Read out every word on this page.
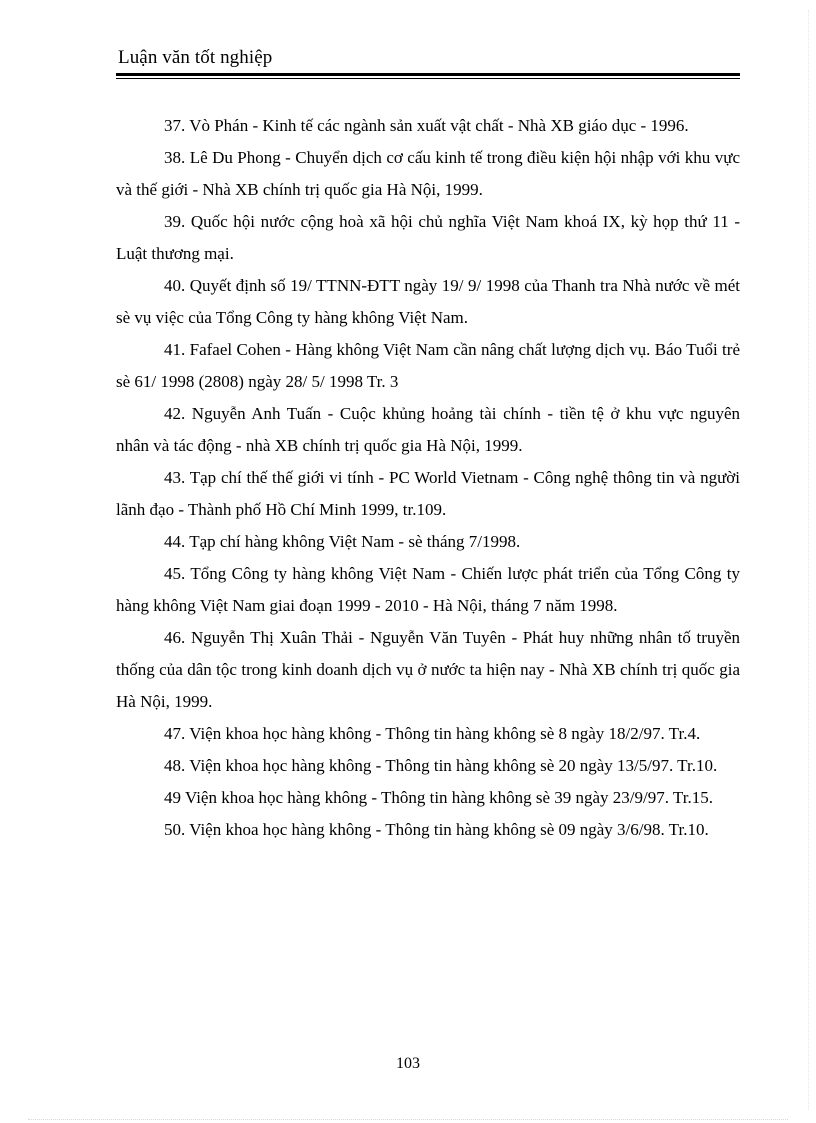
Luận văn tốt nghiệp

37. Vò Phán - Kinh tế các ngành sản xuất vật chất - Nhà XB giáo dục - 1996.

38. Lê Du Phong - Chuyển dịch cơ cấu kinh tế trong điều kiện hội nhập với khu vực và thế giới - Nhà XB chính trị quốc gia Hà Nội, 1999.

39. Quốc hội nước cộng hoà xã hội chủ nghĩa Việt Nam khoá IX, kỳ họp thứ 11 - Luật thương mại.

40. Quyết định số 19/ TTNN-ĐTT ngày 19/ 9/ 1998 của Thanh tra Nhà nước về mét sè vụ việc của Tổng Công ty hàng không Việt Nam.

41. Fafael Cohen - Hàng không Việt Nam cần nâng chất lượng dịch vụ. Báo Tuổi trẻ sè 61/ 1998 (2808) ngày 28/ 5/ 1998 Tr. 3

42. Nguyễn Anh Tuấn - Cuộc khủng hoảng tài chính - tiền tệ ở khu vực nguyên nhân và tác động - nhà XB chính trị quốc gia Hà Nội, 1999.

43. Tạp chí thế thế giới vi tính - PC World Vietnam - Công nghệ thông tin và người lãnh đạo - Thành phố Hồ Chí Minh 1999, tr.109.

44. Tạp chí hàng không Việt Nam - sè tháng 7/1998.

45. Tổng Công ty hàng không Việt Nam - Chiến lược phát triển của Tổng Công ty hàng không Việt Nam giai đoạn 1999 - 2010 - Hà Nội, tháng 7 năm 1998.

46. Nguyễn Thị Xuân Thải - Nguyễn Văn Tuyên - Phát huy những nhân tố truyền thống của dân tộc trong kinh doanh dịch vụ ở nước ta hiện nay - Nhà XB chính trị quốc gia Hà Nội, 1999.

47. Viện khoa học hàng không - Thông tin hàng không sè 8 ngày 18/2/97. Tr.4.

48. Viện khoa học hàng không - Thông tin hàng không sè 20 ngày 13/5/97. Tr.10.

49 Viện khoa học hàng không - Thông tin hàng không sè 39 ngày 23/9/97. Tr.15.

50. Viện khoa học hàng không - Thông tin hàng không sè 09 ngày 3/6/98. Tr.10.

103
